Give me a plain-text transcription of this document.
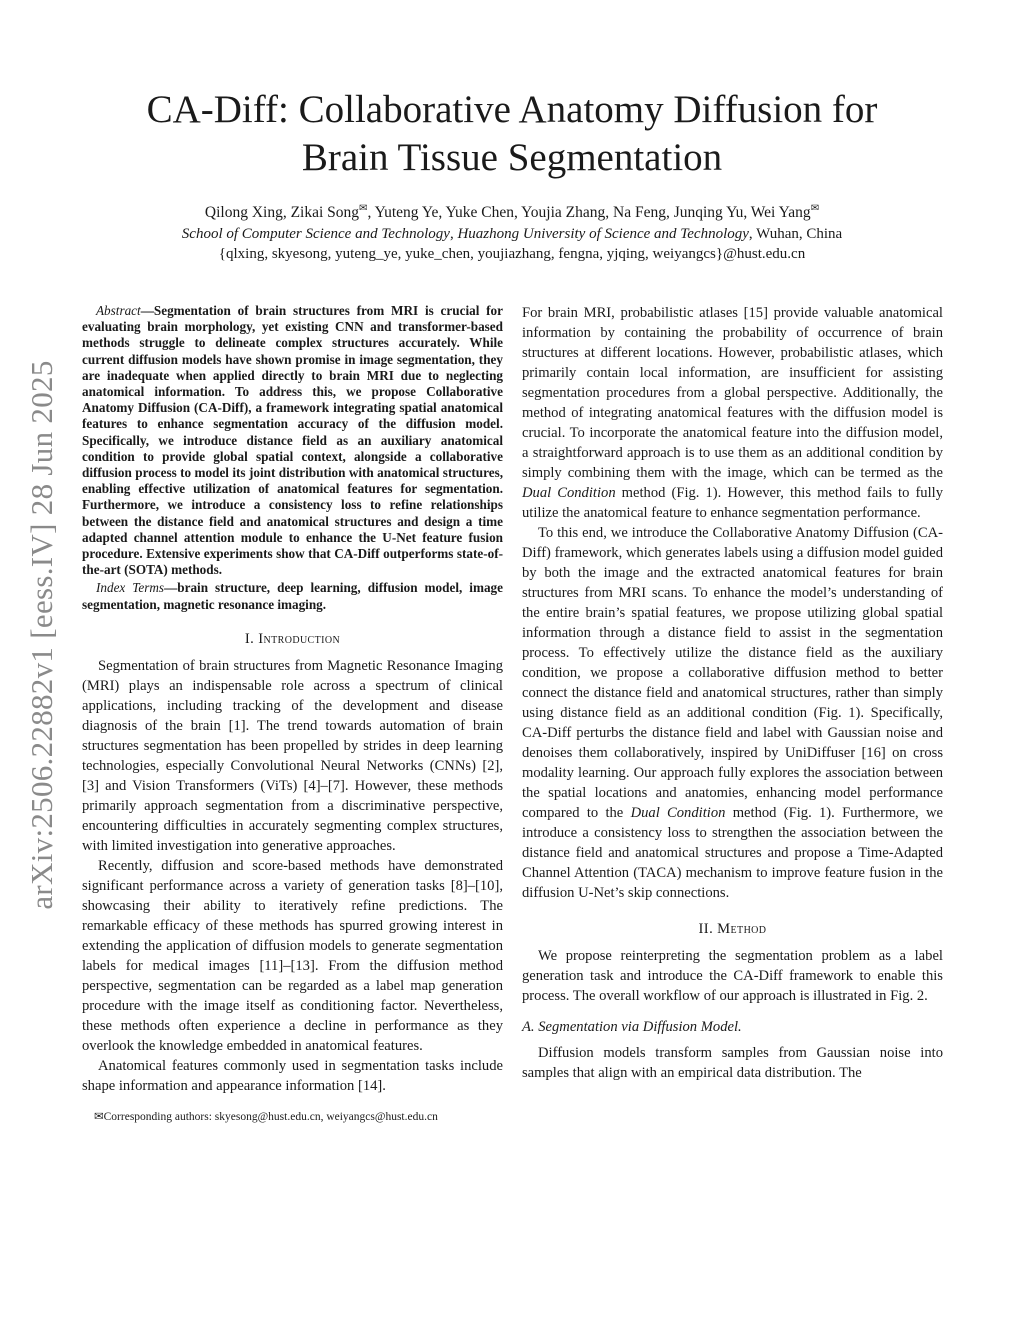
arXiv:2506.22882v1 [eess.IV] 28 Jun 2025
CA-Diff: Collaborative Anatomy Diffusion for
Brain Tissue Segmentation
Qilong Xing, Zikai Song✉, Yuteng Ye, Yuke Chen, Youjia Zhang, Na Feng, Junqing Yu, Wei Yang✉
School of Computer Science and Technology, Huazhong University of Science and Technology, Wuhan, China
{qlxing, skyesong, yuteng_ye, yuke_chen, youjiazhang, fengna, yjqing, weiyangcs}@hust.edu.cn

Abstract—Segmentation of brain structures from MRI is crucial for evaluating brain morphology, yet existing CNN and transformer-based methods struggle to delineate complex structures accurately. While current diffusion models have shown promise in image segmentation, they are inadequate when applied directly to brain MRI due to neglecting anatomical information. To address this, we propose Collaborative Anatomy Diffusion (CA-Diff), a framework integrating spatial anatomical features to enhance segmentation accuracy of the diffusion model. Specifically, we introduce distance field as an auxiliary anatomical condition to provide global spatial context, alongside a collaborative diffusion process to model its joint distribution with anatomical structures, enabling effective utilization of anatomical features for segmentation. Furthermore, we introduce a consistency loss to refine relationships between the distance field and anatomical structures and design a time adapted channel attention module to enhance the U-Net feature fusion procedure. Extensive experiments show that CA-Diff outperforms state-of-the-art (SOTA) methods.

Index Terms—brain structure, deep learning, diffusion model, image segmentation, magnetic resonance imaging.

I. Introduction

Segmentation of brain structures from Magnetic Resonance Imaging (MRI) plays an indispensable role across a spectrum of clinical applications, including tracking of the development and disease diagnosis of the brain [1]. The trend towards automation of brain structures segmentation has been propelled by strides in deep learning technologies, especially Convolutional Neural Networks (CNNs) [2], [3] and Vision Transformers (ViTs) [4]–[7]. However, these methods primarily approach segmentation from a discriminative perspective, encountering difficulties in accurately segmenting complex structures, with limited investigation into generative approaches.

Recently, diffusion and score-based methods have demonstrated significant performance across a variety of generation tasks [8]–[10], showcasing their ability to iteratively refine predictions. The remarkable efficacy of these methods has spurred growing interest in extending the application of diffusion models to generate segmentation labels for medical images [11]–[13]. From the diffusion method perspective, segmentation can be regarded as a label map generation procedure with the image itself as conditioning factor. Nevertheless, these methods often experience a decline in performance as they overlook the knowledge embedded in anatomical features.

Anatomical features commonly used in segmentation tasks include shape information and appearance information [14].

✉Corresponding authors: skyesong@hust.edu.cn, weiyangcs@hust.edu.cn

For brain MRI, probabilistic atlases [15] provide valuable anatomical information by containing the probability of occurrence of brain structures at different locations. However, probabilistic atlases, which primarily contain local information, are insufficient for assisting segmentation procedures from a global perspective. Additionally, the method of integrating anatomical features with the diffusion model is crucial. To incorporate the anatomical feature into the diffusion model, a straightforward approach is to use them as an additional condition by simply combining them with the image, which can be termed as the Dual Condition method (Fig. 1). However, this method fails to fully utilize the anatomical feature to enhance segmentation performance.

To this end, we introduce the Collaborative Anatomy Diffusion (CA-Diff) framework, which generates labels using a diffusion model guided by both the image and the extracted anatomical features for brain structures from MRI scans. To enhance the model’s understanding of the entire brain’s spatial features, we propose utilizing global spatial information through a distance field to assist in the segmentation process. To effectively utilize the distance field as the auxiliary condition, we propose a collaborative diffusion method to better connect the distance field and anatomical structures, rather than simply using distance field as an additional condition (Fig. 1). Specifically, CA-Diff perturbs the distance field and label with Gaussian noise and denoises them collaboratively, inspired by UniDiffuser [16] on cross modality learning. Our approach fully explores the association between the spatial locations and anatomies, enhancing model performance compared to the Dual Condition method (Fig. 1). Furthermore, we introduce a consistency loss to strengthen the association between the distance field and anatomical structures and propose a Time-Adapted Channel Attention (TACA) mechanism to improve feature fusion in the diffusion U-Net’s skip connections.

II. Method

We propose reinterpreting the segmentation problem as a label generation task and introduce the CA-Diff framework to enable this process. The overall workflow of our approach is illustrated in Fig. 2.

A. Segmentation via Diffusion Model.

Diffusion models transform samples from Gaussian noise into samples that align with an empirical data distribution. The
